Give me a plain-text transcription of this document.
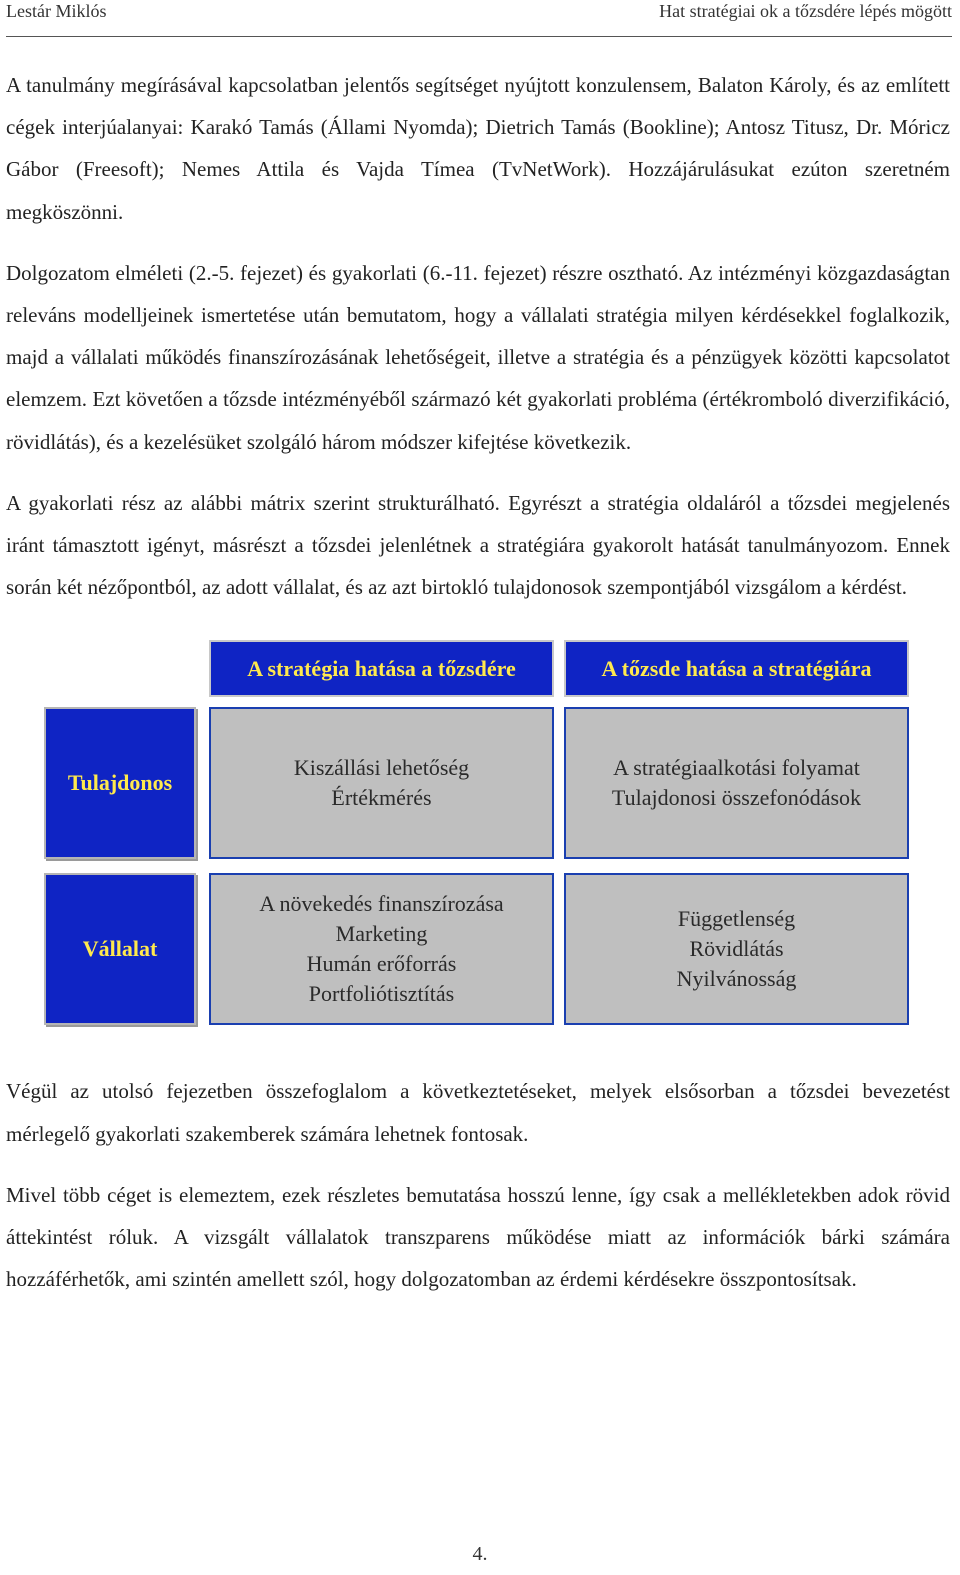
Lestár Miklós	Hat stratégiai ok a tőzsdére lépés mögött

A tanulmány megírásával kapcsolatban jelentős segítséget nyújtott konzulensem, Balaton Károly, és az említett cégek interjúalanyai: Karakó Tamás (Állami Nyomda); Dietrich Tamás (Bookline); Antosz Titusz, Dr. Móricz Gábor (Freesoft); Nemes Attila és Vajda Tímea (TvNetWork). Hozzájárulásukat ezúton szeretném megköszönni.

Dolgozatom elméleti (2.-5. fejezet) és gyakorlati (6.-11. fejezet) részre osztható. Az intézményi közgazdaságtan releváns modelljeinek ismertetése után bemutatom, hogy a vállalati stratégia milyen kérdésekkel foglalkozik, majd a vállalati működés finanszírozásának lehetőségeit, illetve a stratégia és a pénzügyek közötti kapcsolatot elemzem. Ezt követően a tőzsde intézményéből származó két gyakorlati probléma (értékromboló diverzifikáció, rövidlátás), és a kezelésüket szolgáló három módszer kifejtése következik.

A gyakorlati rész az alábbi mátrix szerint strukturálható. Egyrészt a stratégia oldaláról a tőzsdei megjelenés iránt támasztott igényt, másrészt a tőzsdei jelenlétnek a stratégiára gyakorolt hatását tanulmányozom. Ennek során két nézőpontból, az adott vállalat, és az azt birtokló tulajdonosok szempontjából vizsgálom a kérdést.

A stratégia hatása a tőzsdére	A tőzsde hatása a stratégiára
Tulajdonos
Vállalat
Kiszállási lehetőség
Értékmérés
A stratégiaalkotási folyamat
Tulajdonosi összefonódások
A növekedés finanszírozása
Marketing
Humán erőforrás
Portfoliótisztítás
Függetlenség
Rövidlátás
Nyilvánosság

Végül az utolsó fejezetben összefoglalom a következtetéseket, melyek elsősorban a tőzsdei bevezetést mérlegelő gyakorlati szakemberek számára lehetnek fontosak.

Mivel több céget is elemeztem, ezek részletes bemutatása hosszú lenne, így csak a mellékletekben adok rövid áttekintést róluk. A vizsgált vállalatok transzparens működése miatt az információk bárki számára hozzáférhetők, ami szintén amellett szól, hogy dolgozatomban az érdemi kérdésekre összpontosítsak.

4.
